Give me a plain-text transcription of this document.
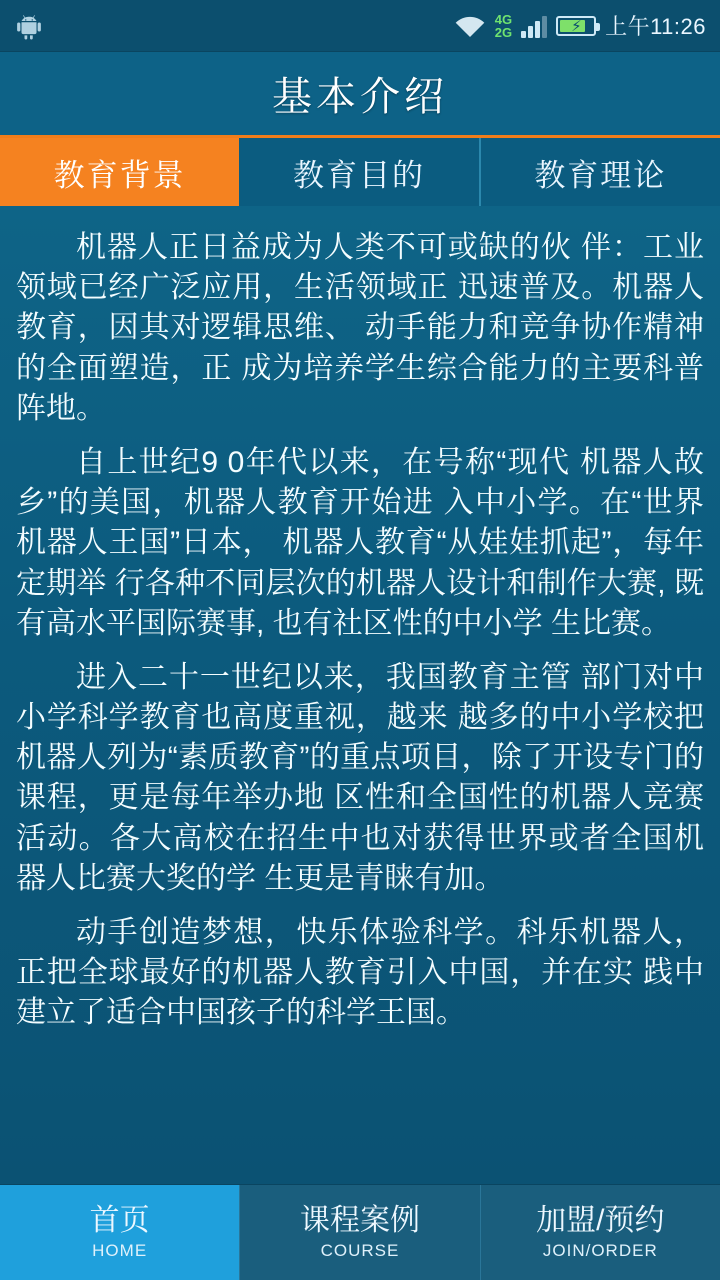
4G
2G	⚡ 上午11:26
基本介绍
教育背景	教育目的	教育理论

机器人正日益成为人类不可或缺的伙 伴：工业领域已经广泛应用，生活领域正 迅速普及。机器人教育，因其对逻辑思维、 动手能力和竞争协作精神的全面塑造，正 成为培养学生综合能力的主要科普阵地。

自上世纪9 0年代以来，在号称“现代 机器人故乡”的美国，机器人教育开始进 入中小学。在“世界机器人王国”日本， 机器人教育“从娃娃抓起”，每年定期举 行各种不同层次的机器人设计和制作大赛, 既有高水平国际赛事, 也有社区性的中小学 生比赛。

进入二十一世纪以来，我国教育主管 部门对中小学科学教育也高度重视，越来 越多的中小学校把机器人列为“素质教育”的重点项目，除了开设专门的课程，更是每年举办地 区性和全国性的机器人竞赛活动。各大高校在招生中也对获得世界或者全国机器人比赛大奖的学 生更是青睐有加。

动手创造梦想，快乐体验科学。科乐机器人，正把全球最好的机器人教育引入中国，并在实 践中建立了适合中国孩子的科学王国。

首页
HOME
课程案例
COURSE
加盟/预约
JOIN/ORDER
